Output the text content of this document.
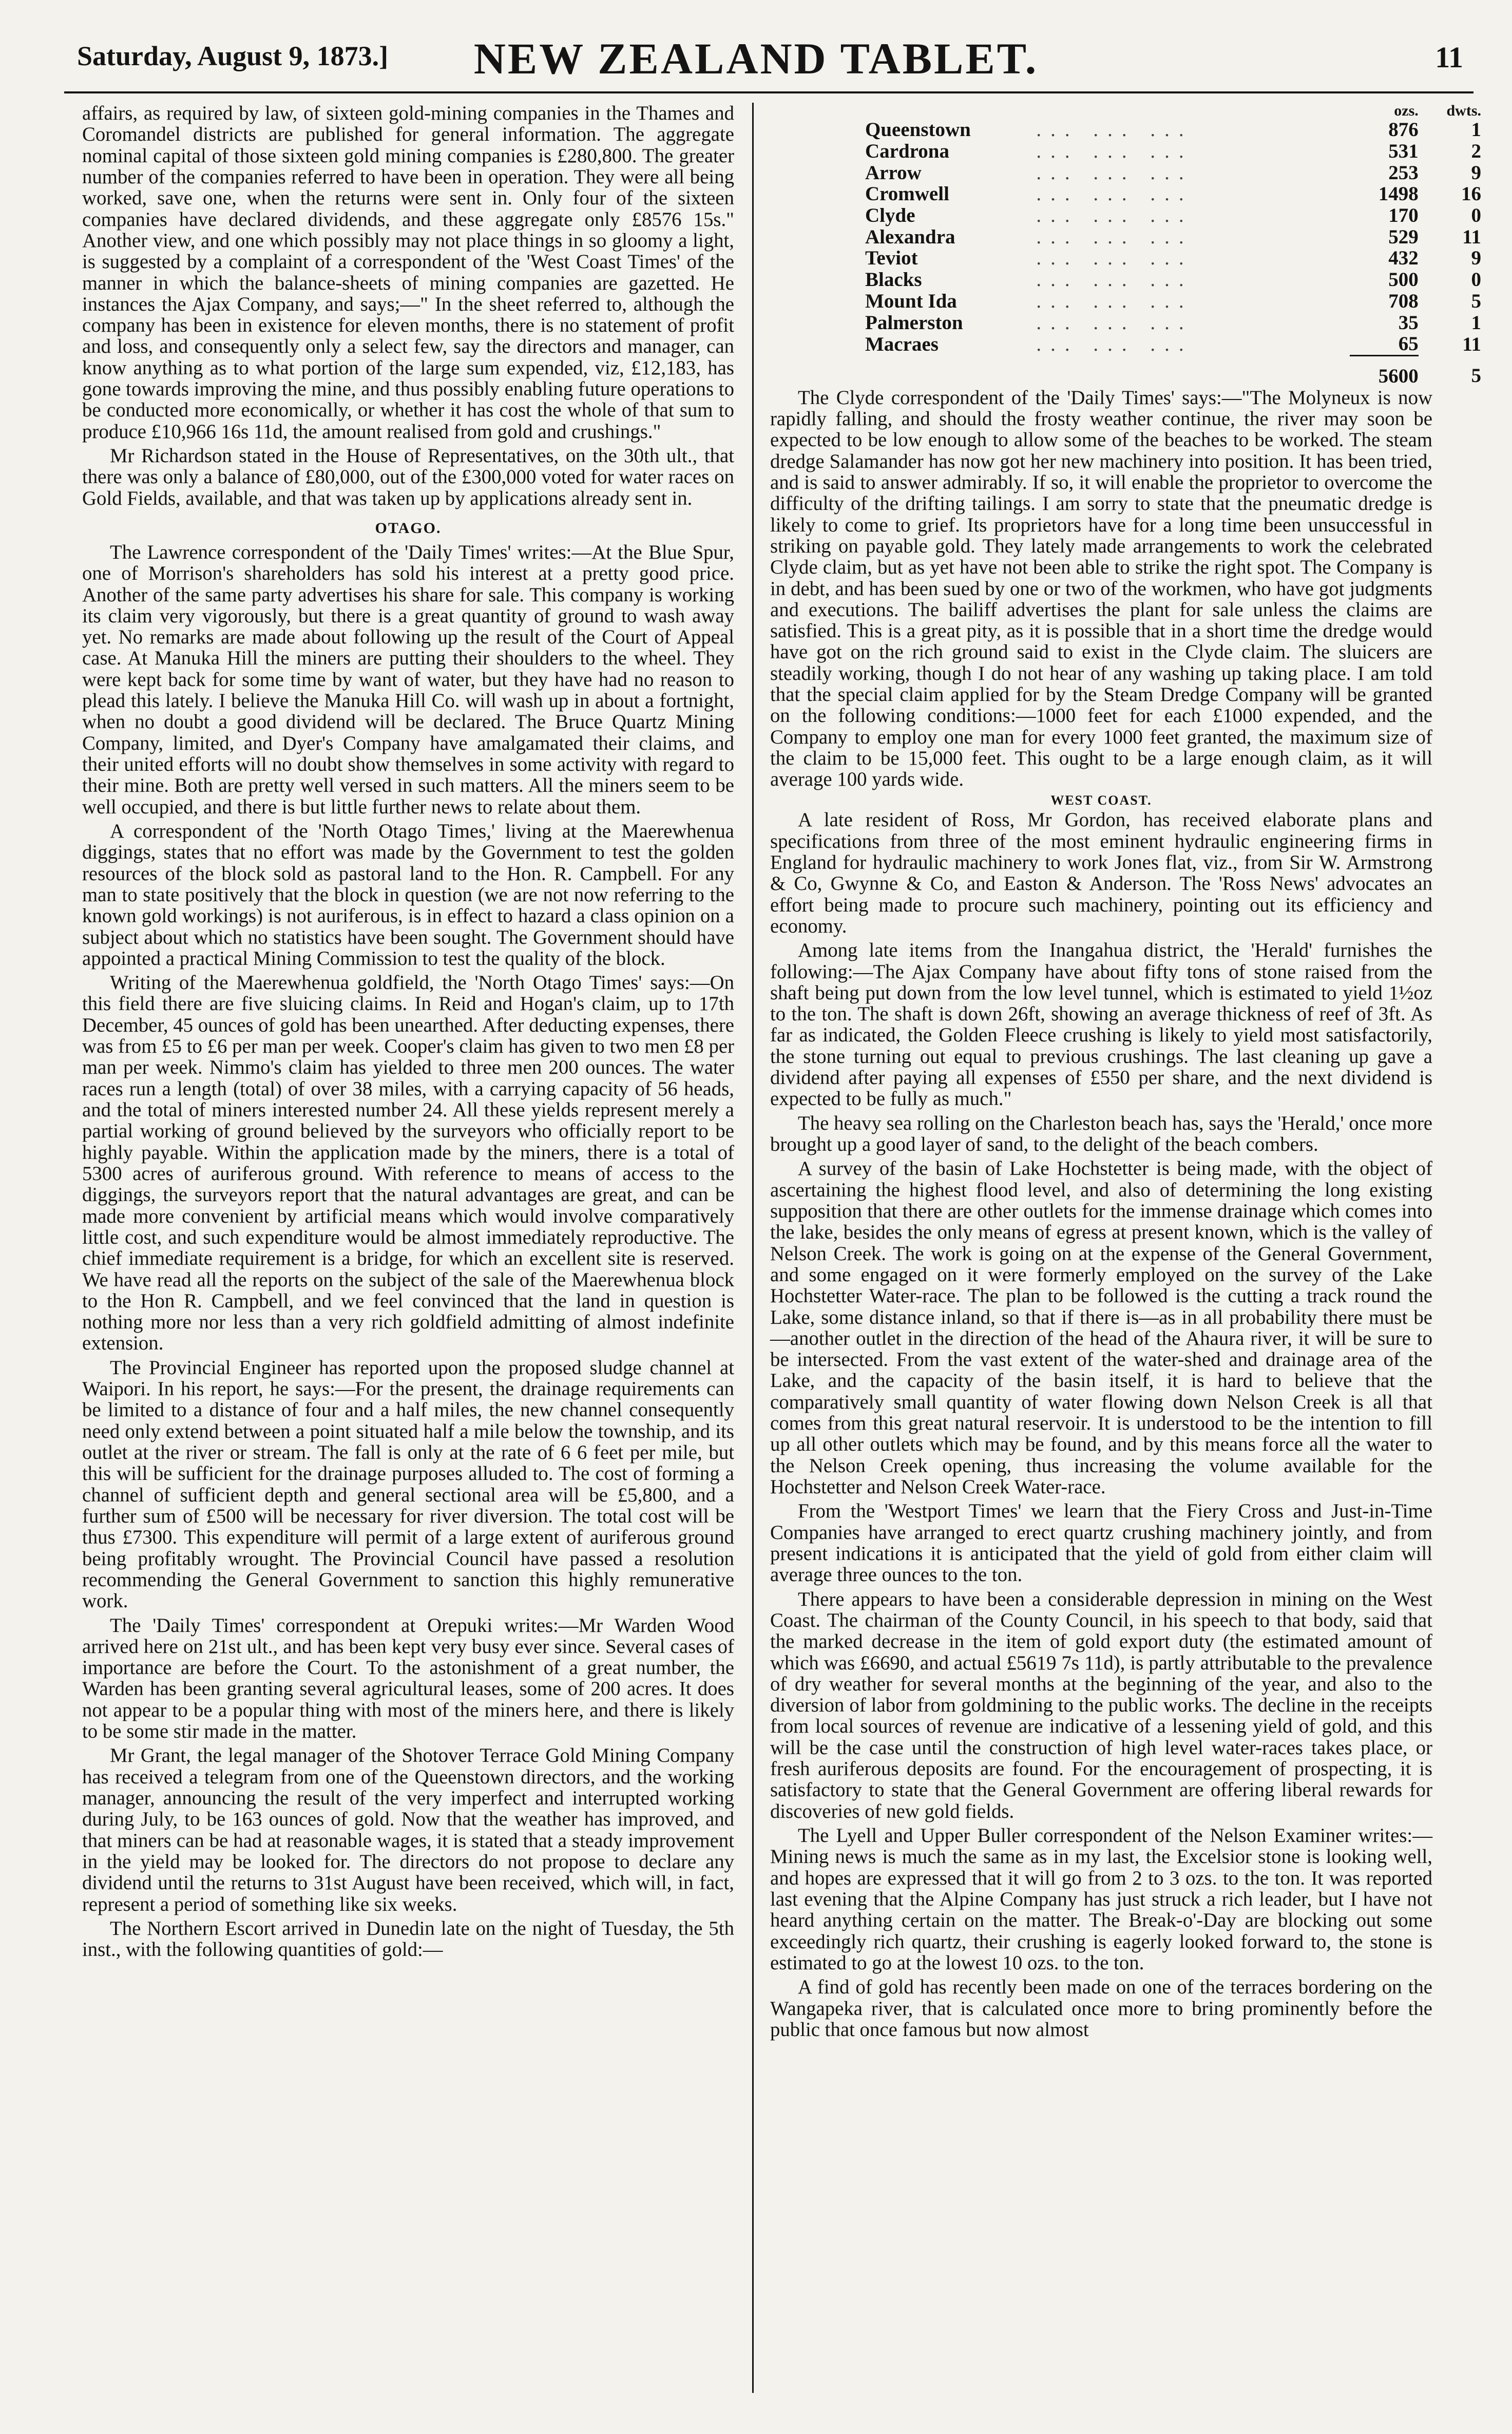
Saturday, August 9, 1873.]	NEW ZEALAND TABLET.	11

affairs, as required by law, of sixteen gold-mining companies in the Thames and Coromandel districts are published for general information. The aggregate nominal capital of those sixteen gold mining companies is £280,800. The greater number of the companies referred to have been in operation. They were all being worked, save one, when the returns were sent in. Only four of the sixteen companies have declared dividends, and these aggregate only £8576 15s." Another view, and one which possibly may not place things in so gloomy a light, is suggested by a complaint of a correspondent of the 'West Coast Times' of the manner in which the balance-sheets of mining companies are gazetted. He instances the Ajax Company, and says;—" In the sheet referred to, although the company has been in existence for eleven months, there is no statement of profit and loss, and consequently only a select few, say the directors and manager, can know anything as to what portion of the large sum expended, viz, £12,183, has gone towards improving the mine, and thus possibly enabling future operations to be conducted more economically, or whether it has cost the whole of that sum to produce £10,966 16s 11d, the amount realised from gold and crushings."

Mr Richardson stated in the House of Representatives, on the 30th ult., that there was only a balance of £80,000, out of the £300,000 voted for water races on Gold Fields, available, and that was taken up by applications already sent in.

OTAGO.

The Lawrence correspondent of the 'Daily Times' writes:—At the Blue Spur, one of Morrison's shareholders has sold his interest at a pretty good price. Another of the same party advertises his share for sale. This company is working its claim very vigorously, but there is a great quantity of ground to wash away yet. No remarks are made about following up the result of the Court of Appeal case. At Manuka Hill the miners are putting their shoulders to the wheel. They were kept back for some time by want of water, but they have had no reason to plead this lately. I believe the Manuka Hill Co. will wash up in about a fortnight, when no doubt a good dividend will be declared. The Bruce Quartz Mining Company, limited, and Dyer's Company have amalgamated their claims, and their united efforts will no doubt show themselves in some activity with regard to their mine. Both are pretty well versed in such matters. All the miners seem to be well occupied, and there is but little further news to relate about them.

A correspondent of the 'North Otago Times,' living at the Maerewhenua diggings, states that no effort was made by the Government to test the golden resources of the block sold as pastoral land to the Hon. R. Campbell. For any man to state positively that the block in question (we are not now referring to the known gold workings) is not auriferous, is in effect to hazard a class opinion on a subject about which no statistics have been sought. The Government should have appointed a practical Mining Commission to test the quality of the block.

Writing of the Maerewhenua goldfield, the 'North Otago Times' says:—On this field there are five sluicing claims. In Reid and Hogan's claim, up to 17th December, 45 ounces of gold has been unearthed. After deducting expenses, there was from £5 to £6 per man per week. Cooper's claim has given to two men £8 per man per week. Nimmo's claim has yielded to three men 200 ounces. The water races run a length (total) of over 38 miles, with a carrying capacity of 56 heads, and the total of miners interested number 24. All these yields represent merely a partial working of ground believed by the surveyors who officially report to be highly payable. Within the application made by the miners, there is a total of 5300 acres of auriferous ground. With reference to means of access to the diggings, the surveyors report that the natural advantages are great, and can be made more convenient by artificial means which would involve comparatively little cost, and such expenditure would be almost immediately reproductive. The chief immediate requirement is a bridge, for which an excellent site is reserved. We have read all the reports on the subject of the sale of the Maerewhenua block to the Hon R. Campbell, and we feel convinced that the land in question is nothing more nor less than a very rich goldfield admitting of almost indefinite extension.

The Provincial Engineer has reported upon the proposed sludge channel at Waipori. In his report, he says:—For the present, the drainage requirements can be limited to a distance of four and a half miles, the new channel consequently need only extend between a point situated half a mile below the township, and its outlet at the river or stream. The fall is only at the rate of 6 6 feet per mile, but this will be sufficient for the drainage purposes alluded to. The cost of forming a channel of sufficient depth and general sectional area will be £5,800, and a further sum of £500 will be necessary for river diversion. The total cost will be thus £7300. This expenditure will permit of a large extent of auriferous ground being profitably wrought. The Provincial Council have passed a resolution recommending the General Government to sanction this highly remunerative work.

The 'Daily Times' correspondent at Orepuki writes:—Mr Warden Wood arrived here on 21st ult., and has been kept very busy ever since. Several cases of importance are before the Court. To the astonishment of a great number, the Warden has been granting several agricultural leases, some of 200 acres. It does not appear to be a popular thing with most of the miners here, and there is likely to be some stir made in the matter.

Mr Grant, the legal manager of the Shotover Terrace Gold Mining Company has received a telegram from one of the Queenstown directors, and the working manager, announcing the result of the very imperfect and interrupted working during July, to be 163 ounces of gold. Now that the weather has improved, and that miners can be had at reasonable wages, it is stated that a steady improvement in the yield may be looked for. The directors do not propose to declare any dividend until the returns to 31st August have been received, which will, in fact, represent a period of something like six weeks.

The Northern Escort arrived in Dunedin late on the night of Tuesday, the 5th inst., with the following quantities of gold:—

		ozs.	dwts.
Queenstown	... ... ...	876	1
Cardrona	... ... ...	531	2
Arrow	... ... ...	253	9
Cromwell	... ... ...	1498	16
Clyde	... ... ...	170	0
Alexandra	... ... ...	529	11
Teviot	... ... ...	432	9
Blacks	... ... ...	500	0
Mount Ida	... ... ...	708	5
Palmerston	... ... ...	35	1
Macraes	... ... ...	65	11
		5600	5

The Clyde correspondent of the 'Daily Times' says:—"The Molyneux is now rapidly falling, and should the frosty weather continue, the river may soon be expected to be low enough to allow some of the beaches to be worked. The steam dredge Salamander has now got her new machinery into position. It has been tried, and is said to answer admirably. If so, it will enable the proprietor to overcome the difficulty of the drifting tailings. I am sorry to state that the pneumatic dredge is likely to come to grief. Its proprietors have for a long time been unsuccessful in striking on payable gold. They lately made arrangements to work the celebrated Clyde claim, but as yet have not been able to strike the right spot. The Company is in debt, and has been sued by one or two of the workmen, who have got judgments and executions. The bailiff advertises the plant for sale unless the claims are satisfied. This is a great pity, as it is possible that in a short time the dredge would have got on the rich ground said to exist in the Clyde claim. The sluicers are steadily working, though I do not hear of any washing up taking place. I am told that the special claim applied for by the Steam Dredge Company will be granted on the following conditions:—1000 feet for each £1000 expended, and the Company to employ one man for every 1000 feet granted, the maximum size of the claim to be 15,000 feet. This ought to be a large enough claim, as it will average 100 yards wide.

WEST COAST.

A late resident of Ross, Mr Gordon, has received elaborate plans and specifications from three of the most eminent hydraulic engineering firms in England for hydraulic machinery to work Jones flat, viz., from Sir W. Armstrong & Co, Gwynne & Co, and Easton & Anderson. The 'Ross News' advocates an effort being made to procure such machinery, pointing out its efficiency and economy.

Among late items from the Inangahua district, the 'Herald' furnishes the following:—The Ajax Company have about fifty tons of stone raised from the shaft being put down from the low level tunnel, which is estimated to yield 1½oz to the ton. The shaft is down 26ft, showing an average thickness of reef of 3ft. As far as indicated, the Golden Fleece crushing is likely to yield most satisfactorily, the stone turning out equal to previous crushings. The last cleaning up gave a dividend after paying all expenses of £550 per share, and the next dividend is expected to be fully as much."

The heavy sea rolling on the Charleston beach has, says the 'Herald,' once more brought up a good layer of sand, to the delight of the beach combers.

A survey of the basin of Lake Hochstetter is being made, with the object of ascertaining the highest flood level, and also of determining the long existing supposition that there are other outlets for the immense drainage which comes into the lake, besides the only means of egress at present known, which is the valley of Nelson Creek. The work is going on at the expense of the General Government, and some engaged on it were formerly employed on the survey of the Lake Hochstetter Water-race. The plan to be followed is the cutting a track round the Lake, some distance inland, so that if there is—as in all probability there must be—another outlet in the direction of the head of the Ahaura river, it will be sure to be intersected. From the vast extent of the water-shed and drainage area of the Lake, and the capacity of the basin itself, it is hard to believe that the comparatively small quantity of water flowing down Nelson Creek is all that comes from this great natural reservoir. It is understood to be the intention to fill up all other outlets which may be found, and by this means force all the water to the Nelson Creek opening, thus increasing the volume available for the Hochstetter and Nelson Creek Water-race.

From the 'Westport Times' we learn that the Fiery Cross and Just-in-Time Companies have arranged to erect quartz crushing machinery jointly, and from present indications it is anticipated that the yield of gold from either claim will average three ounces to the ton.

There appears to have been a considerable depression in mining on the West Coast. The chairman of the County Council, in his speech to that body, said that the marked decrease in the item of gold export duty (the estimated amount of which was £6690, and actual £5619 7s 11d), is partly attributable to the prevalence of dry weather for several months at the beginning of the year, and also to the diversion of labor from goldmining to the public works. The decline in the receipts from local sources of revenue are indicative of a lessening yield of gold, and this will be the case until the construction of high level water-races takes place, or fresh auriferous deposits are found. For the encouragement of prospecting, it is satisfactory to state that the General Government are offering liberal rewards for discoveries of new gold fields.

The Lyell and Upper Buller correspondent of the Nelson Examiner writes:—Mining news is much the same as in my last, the Excelsior stone is looking well, and hopes are expressed that it will go from 2 to 3 ozs. to the ton. It was reported last evening that the Alpine Company has just struck a rich leader, but I have not heard anything certain on the matter. The Break-o'-Day are blocking out some exceedingly rich quartz, their crushing is eagerly looked forward to, the stone is estimated to go at the lowest 10 ozs. to the ton.

A find of gold has recently been made on one of the terraces bordering on the Wangapeka river, that is calculated once more to bring prominently before the public that once famous but now almost
